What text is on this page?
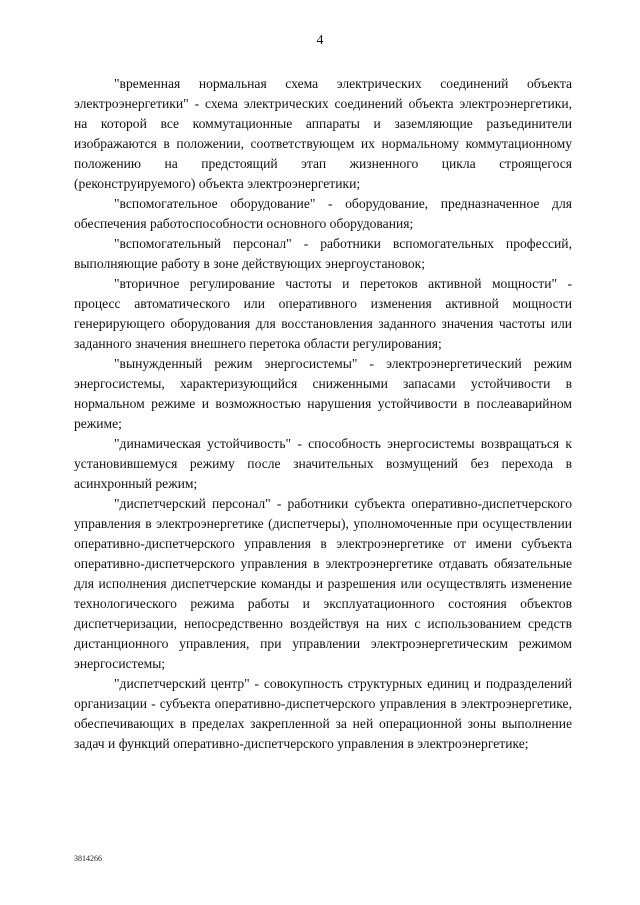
4

"временная нормальная схема электрических соединений объекта электроэнергетики" - схема электрических соединений объекта электроэнергетики, на которой все коммутационные аппараты и заземляющие разъединители изображаются в положении, соответствующем их нормальному коммутационному положению на предстоящий этап жизненного цикла строящегося (реконструируемого) объекта электроэнергетики;

"вспомогательное оборудование" - оборудование, предназначенное для обеспечения работоспособности основного оборудования;

"вспомогательный персонал" - работники вспомогательных профессий, выполняющие работу в зоне действующих энергоустановок;

"вторичное регулирование частоты и перетоков активной мощности" - процесс автоматического или оперативного изменения активной мощности генерирующего оборудования для восстановления заданного значения частоты или заданного значения внешнего перетока области регулирования;

"вынужденный режим энергосистемы" - электроэнергетический режим энергосистемы, характеризующийся сниженными запасами устойчивости в нормальном режиме и возможностью нарушения устойчивости в послеаварийном режиме;

"динамическая устойчивость" - способность энергосистемы возвращаться к установившемуся режиму после значительных возмущений без перехода в асинхронный режим;

"диспетчерский персонал" - работники субъекта оперативно-диспетчерского управления в электроэнергетике (диспетчеры), уполномоченные при осуществлении оперативно-диспетчерского управления в электроэнергетике от имени субъекта оперативно-диспетчерского управления в электроэнергетике отдавать обязательные для исполнения диспетчерские команды и разрешения или осуществлять изменение технологического режима работы и эксплуатационного состояния объектов диспетчеризации, непосредственно воздействуя на них с использованием средств дистанционного управления, при управлении электроэнергетическим режимом энергосистемы;

"диспетчерский центр" - совокупность структурных единиц и подразделений организации - субъекта оперативно-диспетчерского управления в электроэнергетике, обеспечивающих в пределах закрепленной за ней операционной зоны выполнение задач и функций оперативно-диспетчерского управления в электроэнергетике;

3814266
